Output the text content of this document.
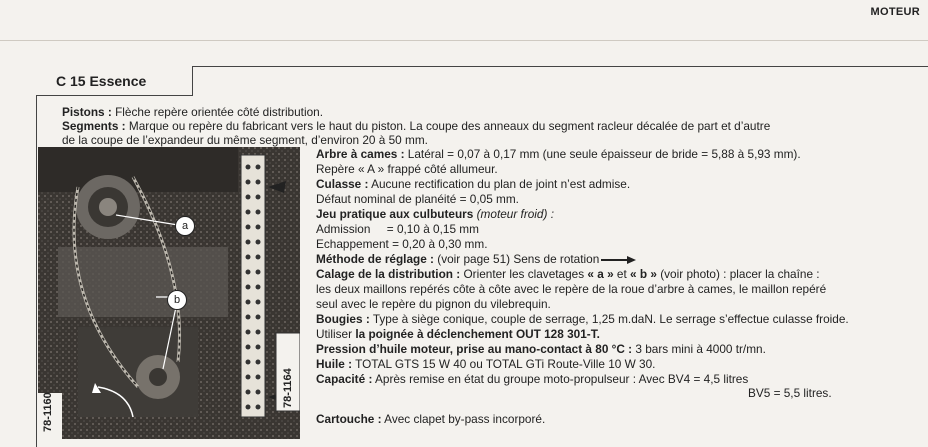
MOTEUR
C 15 Essence
Pistons : Flèche repère orientée côté distribution.
Segments : Marque ou repère du fabricant vers le haut du piston. La coupe des anneaux du segment racleur décalée de part et d’autre
de la coupe de l’expandeur du même segment, d’environ 20 à 50 mm.
Arbre à cames : Latéral = 0,07 à 0,17 mm (une seule épaisseur de bride = 5,88 à 5,93 mm).
Repère « A » frappé côté allumeur.
Culasse : Aucune rectification du plan de joint n’est admise.
Défaut nominal de planéité = 0,05 mm.
Jeu pratique aux culbuteurs (moteur froid) :
Admission     = 0,10 à 0,15 mm
Echappement = 0,20 à 0,30 mm.
Méthode de réglage : (voir page 51) Sens de rotation
Calage de la distribution : Orienter les clavetages « a » et « b » (voir photo) : placer la chaîne :
les deux maillons repérés côte à côte avec le repère de la roue d’arbre à cames, le maillon repéré
seul avec le repère du pignon du vilebrequin.
Bougies : Type à siège conique, couple de serrage, 1,25 m.daN. Le serrage s’effectue culasse froide.
Utiliser la poignée à déclenchement OUT 128 301-T.
Pression d’huile moteur, prise au mano-contact à 80 °C : 3 bars mini à 4000 tr/mn.
Huile : TOTAL GTS 15 W 40 ou TOTAL GTi Route-Ville 10 W 30.
Capacité : Après remise en état du groupe moto-propulseur : Avec BV4 = 4,5 litres
BV5 = 5,5 litres.
Cartouche : Avec clapet by-pass incorporé.
a
b
78-1160
78-1164
